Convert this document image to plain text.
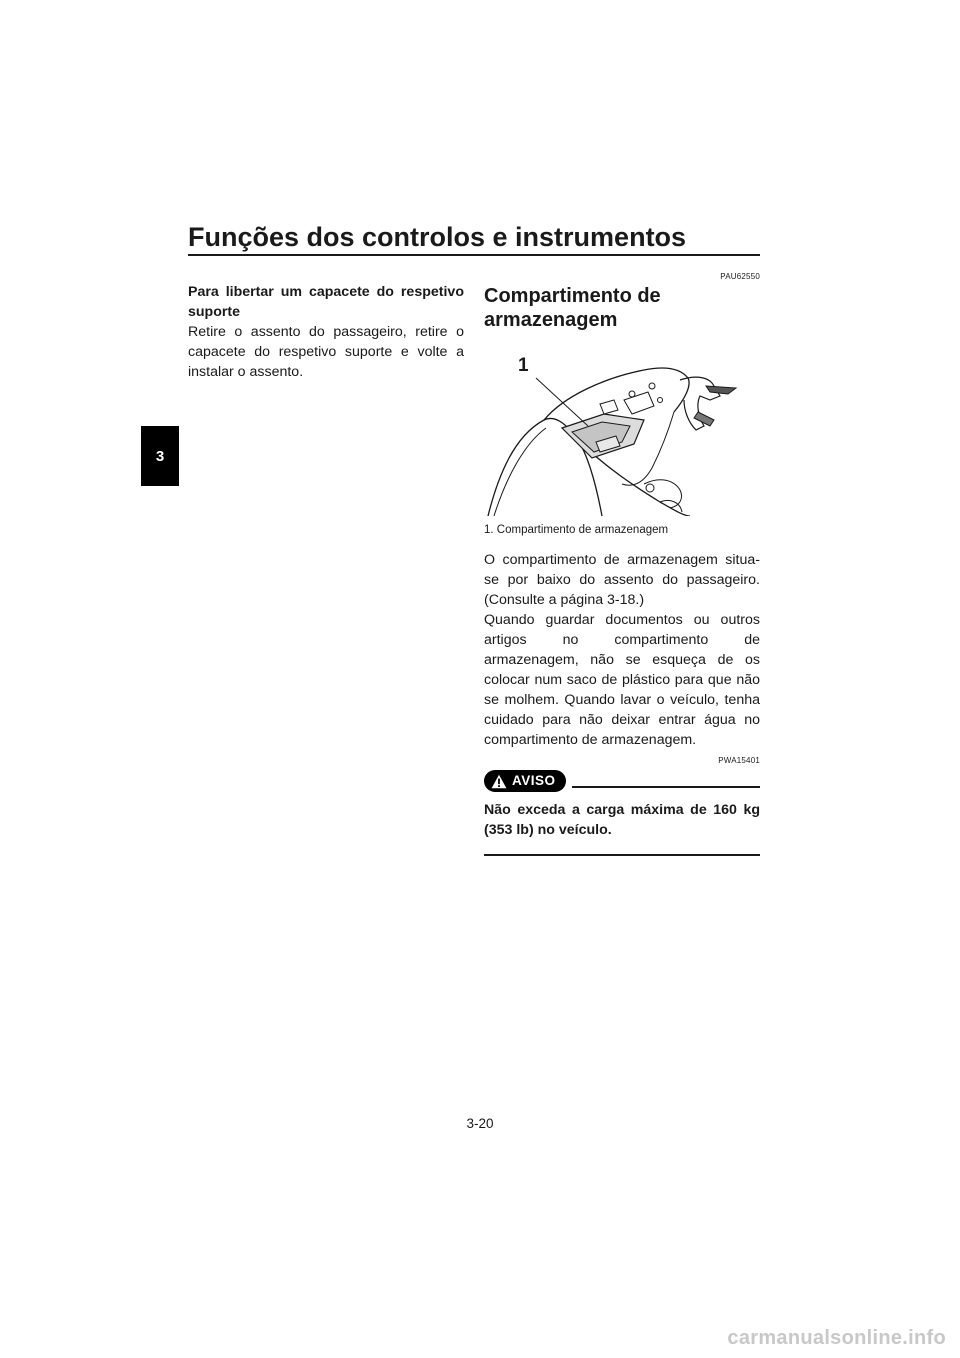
Funções dos controlos e instrumentos
3
Para libertar um capacete do respetivo suporte
Retire o assento do passageiro, retire o capacete do respetivo suporte e volte a instalar o assento.
PAU62550
Compartimento de armazenagem
1
1. Compartimento de armazenagem
O compartimento de armazenagem situa-se por baixo do assento do passageiro. (Consulte a página 3-18.)
Quando guardar documentos ou outros artigos no compartimento de armazenagem, não se esqueça de os colocar num saco de plástico para que não se molhem. Quando lavar o veículo, tenha cuidado para não deixar entrar água no compartimento de armazenagem.
PWA15401
AVISO
Não exceda a carga máxima de 160 kg (353 lb) no veículo.
3-20
carmanualsonline.info
